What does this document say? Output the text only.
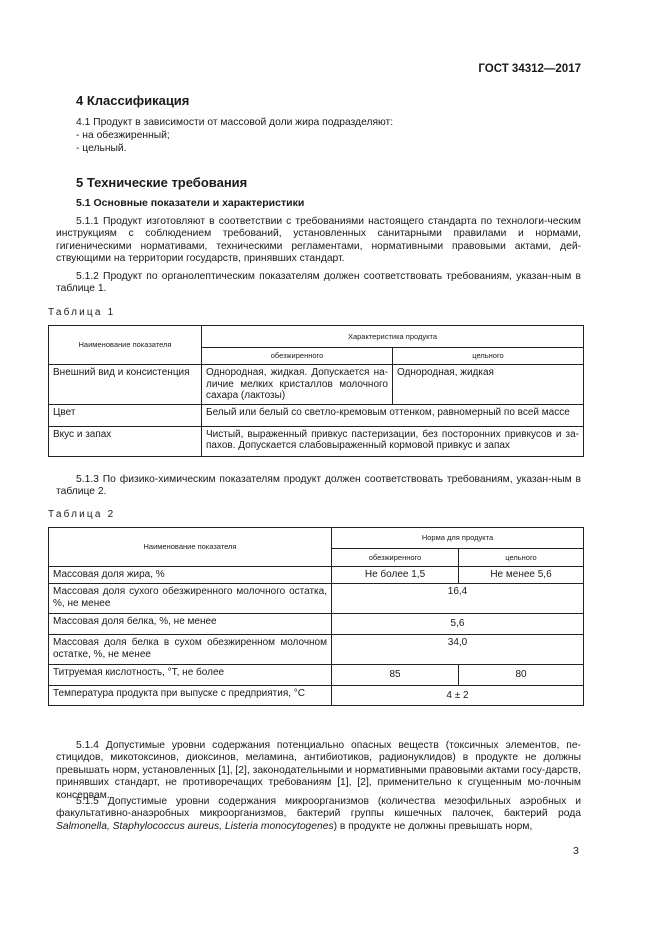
ГОСТ 34312—2017
4 Классификация

4.1 Продукт в зависимости от массовой доли жира подразделяют:

- на обезжиренный;

- цельный.

5 Технические требования
5.1 Основные показатели и характеристики

5.1.1 Продукт изготовляют в соответствии с требованиями настоящего стандарта по технологи-ческим инструкциям с соблюдением требований, установленных санитарными правилами и нормами, гигиеническими нормативами, техническими регламентами, нормативными правовыми актами, дей-ствующими на территории государств, принявших стандарт.

5.1.2 Продукт по органолептическим показателям должен соответствовать требованиям, указан-ным в таблице 1.

Таблица 1
Наименование показателя	Характеристика продукта	
	обезжиренного	цельного
Внешний вид и консистенция	Однородная, жидкая. Допускается на-личие мелких кристаллов молочного сахара (лактозы)	Однородная, жидкая
Цвет	Белый или белый со светло-кремовым оттенком, равномерный по всей массе	
Вкус и запах	Чистый, выраженный привкус пастеризации, без посторонних привкусов и за-пахов. Допускается слабовыраженный кормовой привкус и запах	

5.1.3 По физико-химическим показателям продукт должен соответствовать требованиям, указан-ным в таблице 2.

Таблица 2
Наименование показателя	Норма для продукта	
	обезжиренного	цельного
Массовая доля жира, %	Не более 1,5	Не менее 5,6
Массовая доля сухого обезжиренного молочного остатка, %, не менее	16,4	
Массовая доля белка, %, не менее	5,6	
Массовая доля белка в сухом обезжиренном молочном остатке, %, не менее	34,0	
Титруемая кислотность, °Т, не более	85	80
Температура продукта при выпуске с предприятия, °С	4 ± 2	

5.1.4 Допустимые уровни содержания потенциально опасных веществ (токсичных элементов, пе-стицидов, микотоксинов, диоксинов, меламина, антибиотиков, радионуклидов) в продукте не должны превышать норм, установленных [1], [2], законодательными и нормативными правовыми актами госу-дарств, принявших стандарт, не противоречащих требованиям [1], [2], применительно к сгущенным мо-лочным консервам.

5.1.5 Допустимые уровни содержания микроорганизмов (количества мезофильных аэробных и факультативно-анаэробных микроорганизмов, бактерий группы кишечных палочек, бактерий рода Salmonella, Staphylococcus aureus, Listeria monocytogenes) в продукте не должны превышать норм,

3
